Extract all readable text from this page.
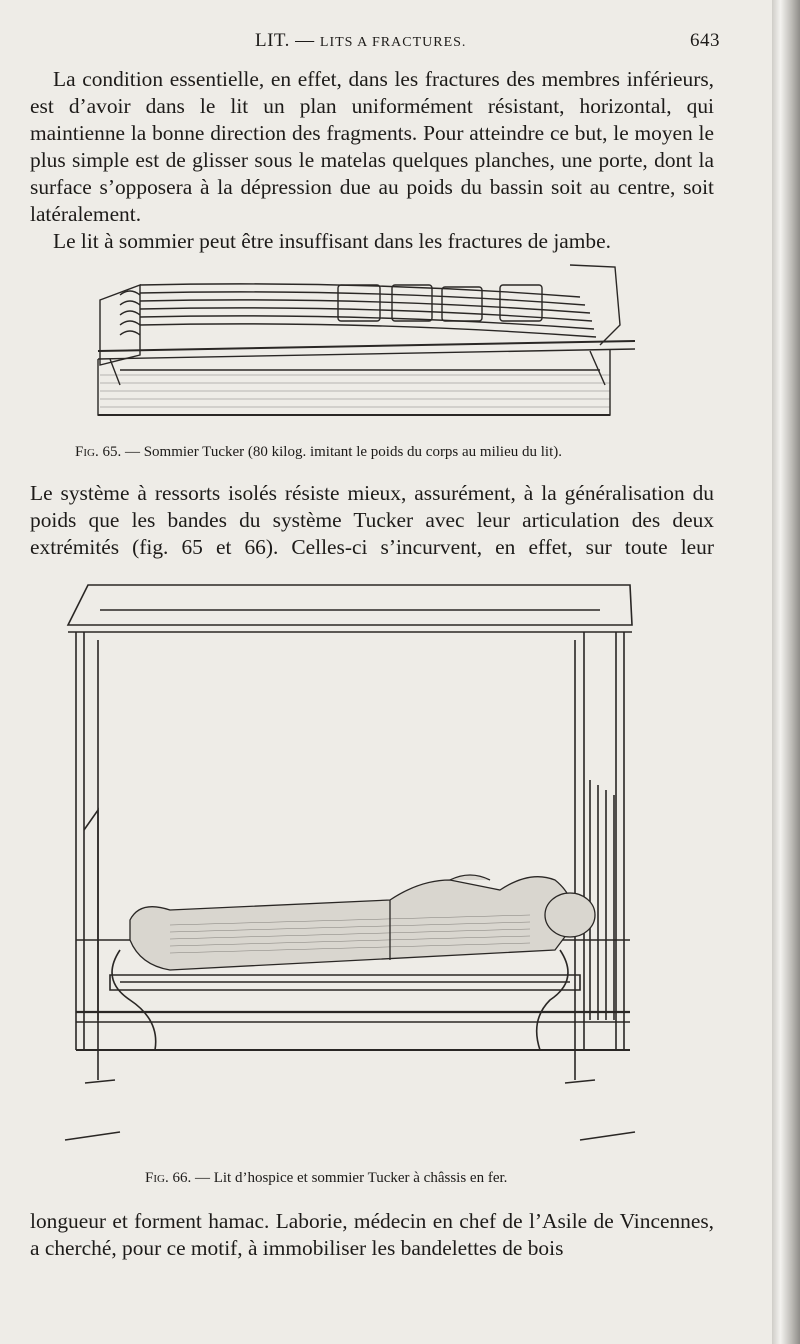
LIT. — LITS A FRACTURES.	643

La condition essentielle, en effet, dans les fractures des membres inférieurs, est d’avoir dans le lit un plan uniformément résistant, horizontal, qui maintienne la bonne direction des fragments. Pour atteindre ce but, le moyen le plus simple est de glisser sous le matelas quelques planches, une porte, dont la surface s’opposera à la dépression due au poids du bassin soit au centre, soit latéralement.

Le lit à sommier peut être insuffisant dans les fractures de jambe.

Fig. 65. — Sommier Tucker (80 kilog. imitant le poids du corps au milieu du lit).

Le système à ressorts isolés résiste mieux, assurément, à la généralisation du poids que les bandes du système Tucker avec leur articulation des deux extrémités (fig. 65 et 66). Celles-ci s’incurvent, en effet, sur toute leur

Fig. 66. — Lit d’hospice et sommier Tucker à châssis en fer.

longueur et forment hamac. Laborie, médecin en chef de l’Asile de Vincennes, a cherché, pour ce motif, à immobiliser les bandelettes de bois
